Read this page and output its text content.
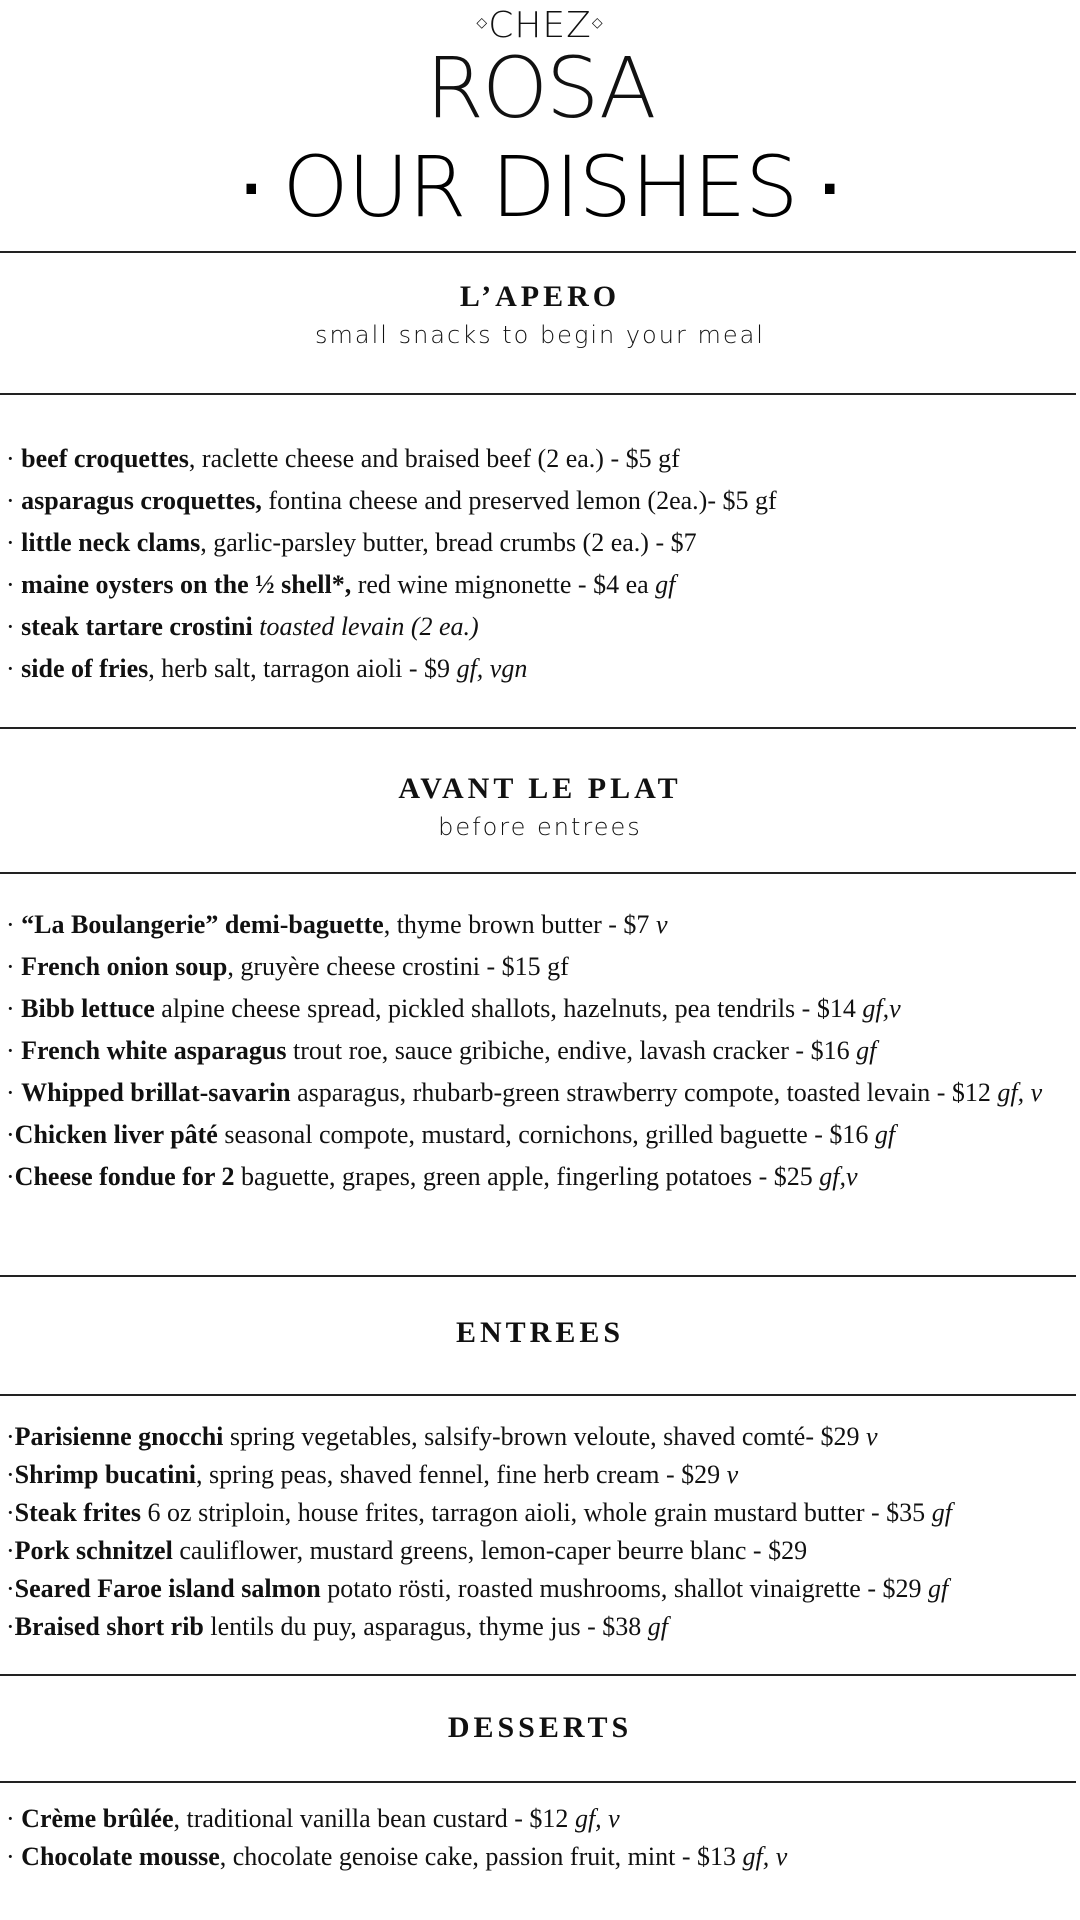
◇CHEZ◇
ROSA
· OUR DISHES ·
L’APERO
small snacks to begin your meal
· beef croquettes, raclette cheese and braised beef (2 ea.) - $5 gf
· asparagus croquettes, fontina cheese and preserved lemon (2ea.)- $5 gf
· little neck clams, garlic-parsley butter, bread crumbs (2 ea.) - $7
· maine oysters on the ½ shell*, red wine mignonette - $4 ea gf
· steak tartare crostini toasted levain (2 ea.)
· side of fries, herb salt, tarragon aioli - $9 gf, vgn
AVANT LE PLAT
before entrees
· “La Boulangerie” demi-baguette, thyme brown butter - $7 v
· French onion soup, gruyère cheese crostini - $15 gf
· Bibb lettuce alpine cheese spread, pickled shallots, hazelnuts, pea tendrils - $14 gf,v
· French white asparagus trout roe, sauce gribiche, endive, lavash cracker - $16 gf
· Whipped brillat-savarin asparagus, rhubarb-green strawberry compote, toasted levain - $12 gf, v
·Chicken liver pâté seasonal compote, mustard, cornichons, grilled baguette - $16 gf
·Cheese fondue for 2 baguette, grapes, green apple, fingerling potatoes - $25 gf,v
ENTREES
·Parisienne gnocchi spring vegetables, salsify-brown veloute, shaved comté- $29 v
·Shrimp bucatini, spring peas, shaved fennel, fine herb cream - $29 v
·Steak frites 6 oz striploin, house frites, tarragon aioli, whole grain mustard butter - $35 gf
·Pork schnitzel cauliflower, mustard greens, lemon-caper beurre blanc - $29
·Seared Faroe island salmon potato rösti, roasted mushrooms, shallot vinaigrette - $29 gf
·Braised short rib lentils du puy, asparagus, thyme jus - $38 gf
DESSERTS
· Crème brûlée, traditional vanilla bean custard - $12 gf, v
· Chocolate mousse, chocolate genoise cake, passion fruit, mint - $13 gf, v
